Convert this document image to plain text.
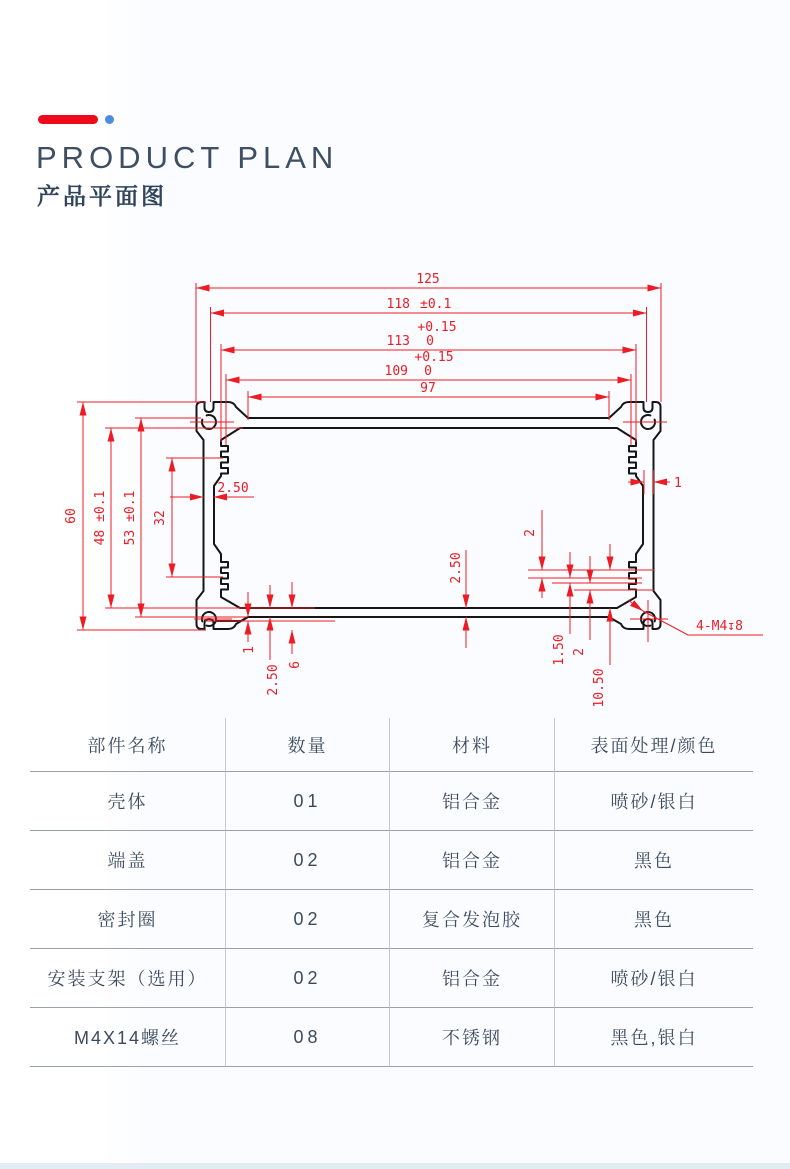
PRODUCT PLAN
产品平面图
125
118 ±0.1
113 0
+0.15
109 0
+0.15
97
60 48 ±0.1 53 ±0.1 32
2.50
2.50
1
1
2.50 6
2
1.50 2
10.50
4-M4↧8
部件名称	数量	材料	表面处理/颜色
壳体	01	铝合金	喷砂/银白
端盖	02	铝合金	黑色
密封圈	02	复合发泡胶	黑色
安装支架（选用）	02	铝合金	喷砂/银白
M4X14螺丝	08	不锈钢	黑色,银白
